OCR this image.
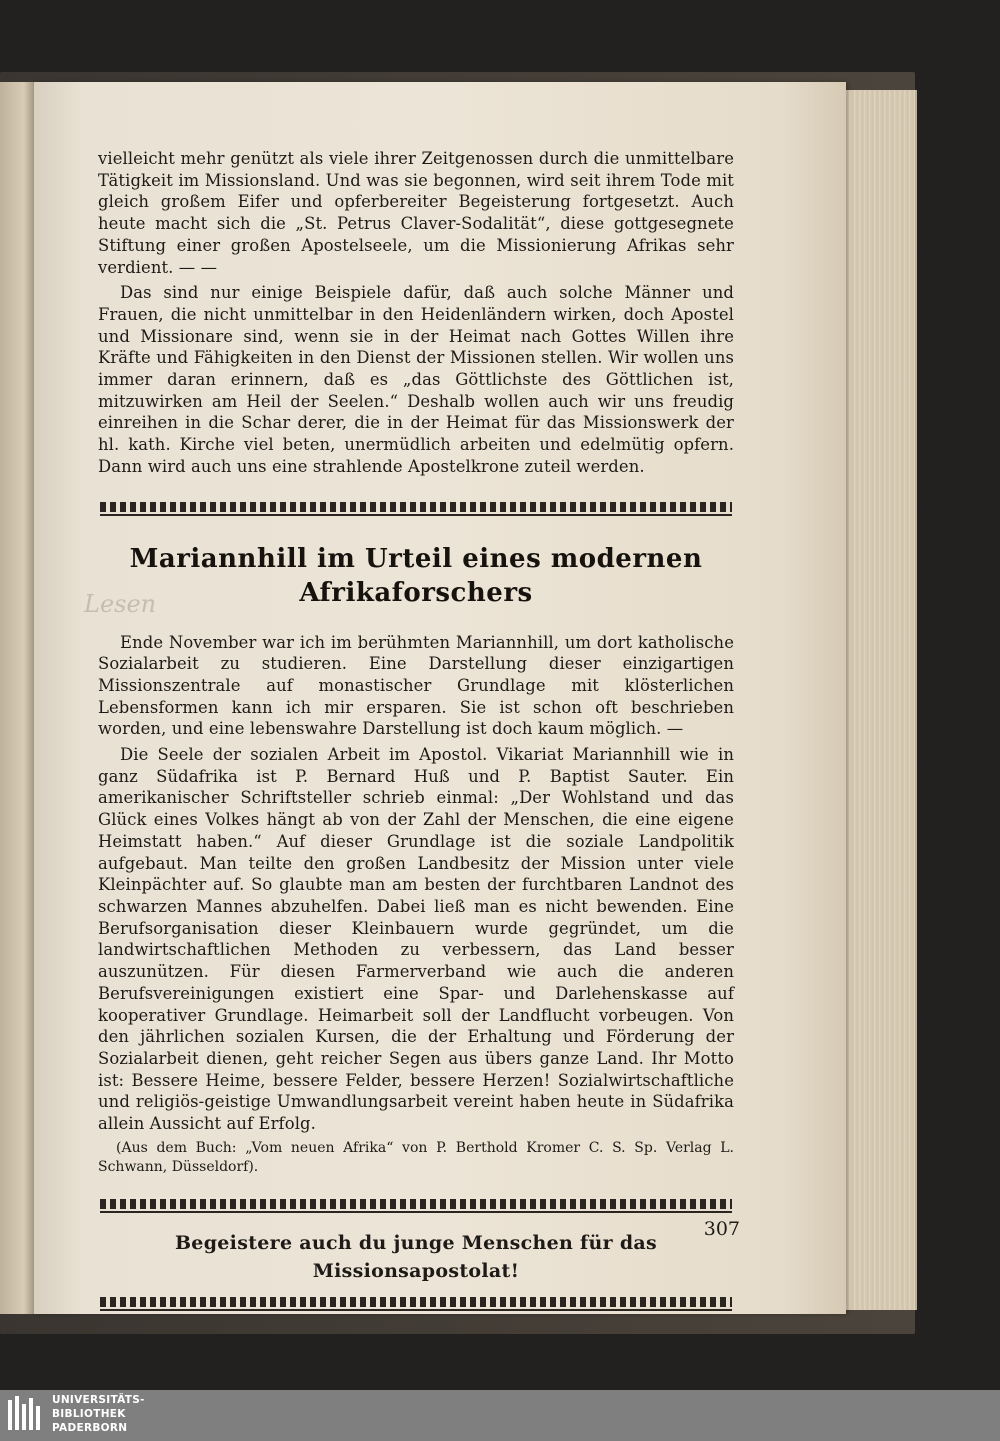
Lesen

vielleicht mehr genützt als viele ihrer Zeitgenossen durch die unmittelbare Tätigkeit im Missionsland. Und was sie begonnen, wird seit ihrem Tode mit gleich großem Eifer und opferbereiter Begeisterung fortgesetzt. Auch heute macht sich die „St. Petrus Claver-Sodalität“, diese gottgesegnete Stiftung einer großen Apostelseele, um die Missionierung Afrikas sehr verdient. — —

Das sind nur einige Beispiele dafür, daß auch solche Männer und Frauen, die nicht unmittelbar in den Heidenländern wirken, doch Apostel und Missionare sind, wenn sie in der Heimat nach Gottes Willen ihre Kräfte und Fähigkeiten in den Dienst der Missionen stellen. Wir wollen uns immer daran erinnern, daß es „das Göttlichste des Göttlichen ist, mitzuwirken am Heil der Seelen.“ Deshalb wollen auch wir uns freudig einreihen in die Schar derer, die in der Heimat für das Missionswerk der hl. kath. Kirche viel beten, unermüdlich arbeiten und edelmütig opfern. Dann wird auch uns eine strahlende Apostelkrone zuteil werden.

Mariannhill im Urteil eines modernen
Afrikaforschers

Ende November war ich im berühmten Mariannhill, um dort katholische Sozialarbeit zu studieren. Eine Darstellung dieser einzigartigen Missionszentrale auf monastischer Grundlage mit klösterlichen Lebensformen kann ich mir ersparen. Sie ist schon oft beschrieben worden, und eine lebenswahre Darstellung ist doch kaum möglich. —

Die Seele der sozialen Arbeit im Apostol. Vikariat Mariannhill wie in ganz Südafrika ist P. Bernard Huß und P. Baptist Sauter. Ein amerikanischer Schriftsteller schrieb einmal: „Der Wohlstand und das Glück eines Volkes hängt ab von der Zahl der Menschen, die eine eigene Heimstatt haben.“ Auf dieser Grundlage ist die soziale Landpolitik aufgebaut. Man teilte den großen Landbesitz der Mission unter viele Kleinpächter auf. So glaubte man am besten der furchtbaren Landnot des schwarzen Mannes abzuhelfen. Dabei ließ man es nicht bewenden. Eine Berufsorganisation dieser Kleinbauern wurde gegründet, um die landwirtschaftlichen Methoden zu verbessern, das Land besser auszunützen. Für diesen Farmerverband wie auch die anderen Berufsvereinigungen existiert eine Spar- und Darlehenskasse auf kooperativer Grundlage. Heimarbeit soll der Landflucht vorbeugen. Von den jährlichen sozialen Kursen, die der Erhaltung und Förderung der Sozialarbeit dienen, geht reicher Segen aus übers ganze Land. Ihr Motto ist: Bessere Heime, bessere Felder, bessere Herzen! Sozialwirtschaftliche und religiös-geistige Umwandlungsarbeit vereint haben heute in Südafrika allein Aussicht auf Erfolg.

(Aus dem Buch: „Vom neuen Afrika“ von P. Berthold Kromer C. S. Sp. Verlag L. Schwann, Düsseldorf).

Begeistere auch du junge Menschen für das Missionsapostolat!

307
UNIVERSITÄTS-
BIBLIOTHEK
PADERBORN
